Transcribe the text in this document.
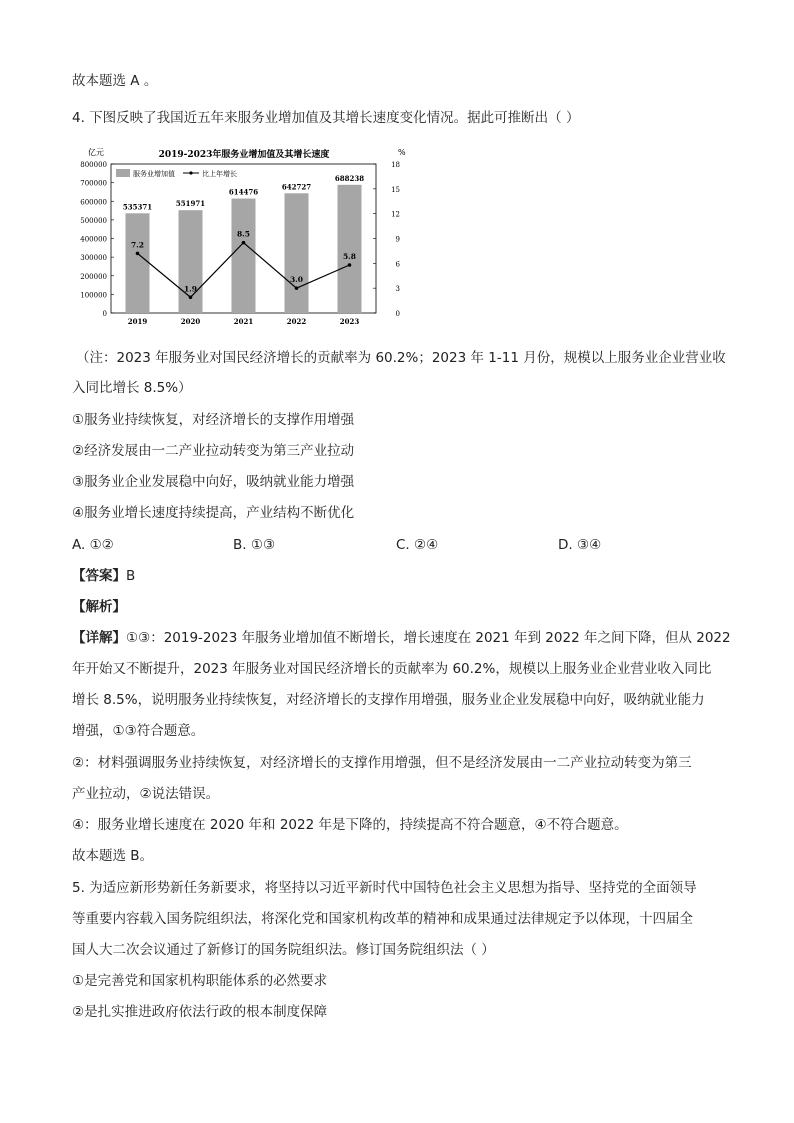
故本题选 A 。
4. 下图反映了我国近五年来服务业增加值及其增长速度变化情况。据此可推断出（ ）
2019-2023年服务业增加值及其增长速度
亿元	%
800000
700000
600000
500000
400000
300000
200000
100000
0
18
15
12
9
6
3
0
535371	551971
614476
642727
688238
2019	2020	2021	2022	2023
7.2
1.9
8.5
3.0
5.8
服务业增加值	比上年增长
（注：2023 年服务业对国民经济增长的贡献率为 60.2%；2023 年 1-11 月份，规模以上服务业企业营业收
入同比增长 8.5%）
①服务业持续恢复，对经济增长的支撑作用增强
②经济发展由一二产业拉动转变为第三产业拉动
③服务业企业发展稳中向好，吸纳就业能力增强
④服务业增长速度持续提高，产业结构不断优化
A. ①②	B. ①③	C. ②④	D. ③④
【答案】B
【解析】
【详解】①③：2019-2023 年服务业增加值不断增长，增长速度在 2021 年到 2022 年之间下降，但从 2022
年开始又不断提升，2023 年服务业对国民经济增长的贡献率为 60.2%，规模以上服务业企业营业收入同比
增长 8.5%，说明服务业持续恢复，对经济增长的支撑作用增强，服务业企业发展稳中向好，吸纳就业能力
增强，①③符合题意。
②：材料强调服务业持续恢复，对经济增长的支撑作用增强，但不是经济发展由一二产业拉动转变为第三
产业拉动，②说法错误。
④：服务业增长速度在 2020 年和 2022 年是下降的，持续提高不符合题意，④不符合题意。
故本题选 B。
5. 为适应新形势新任务新要求，将坚持以习近平新时代中国特色社会主义思想为指导、坚持党的全面领导
等重要内容载入国务院组织法，将深化党和国家机构改革的精神和成果通过法律规定予以体现，十四届全
国人大二次会议通过了新修订的国务院组织法。修订国务院组织法（ ）
①是完善党和国家机构职能体系的必然要求
②是扎实推进政府依法行政的根本制度保障
